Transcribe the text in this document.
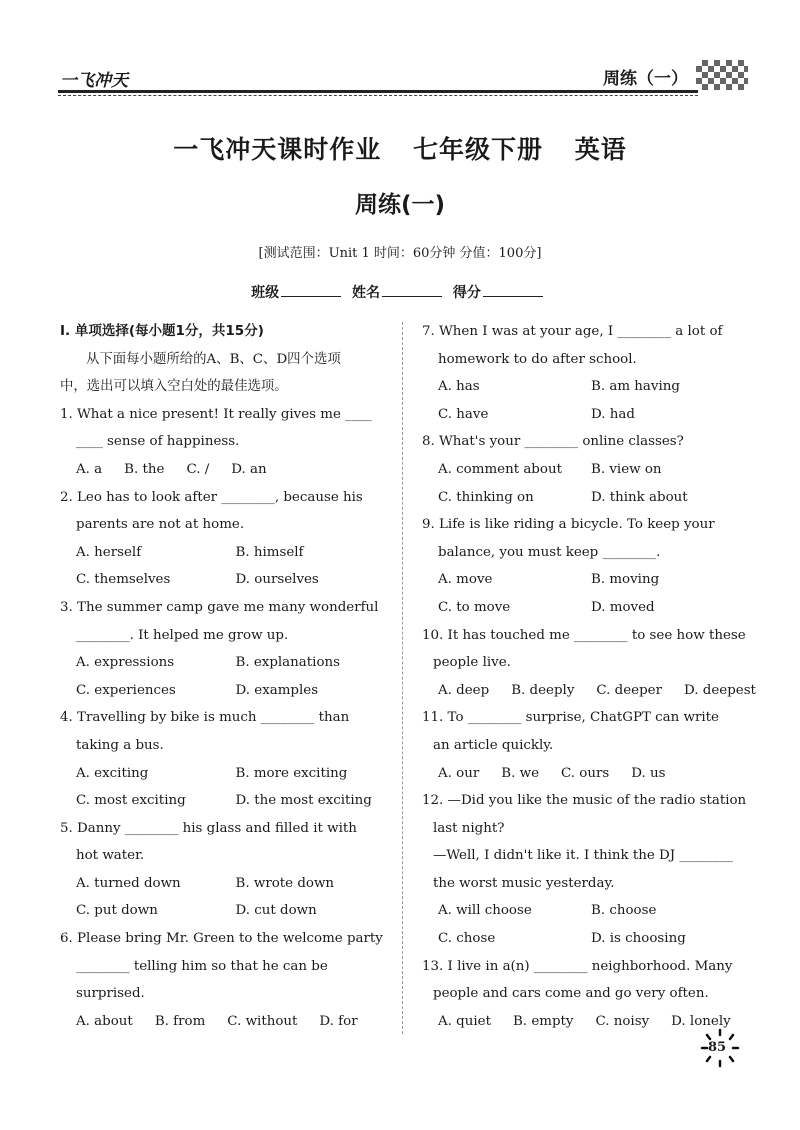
一飞冲天	周练（一）
一飞冲天课时作业 七年级下册 英语
周练(一)
[测试范围：Unit 1 时间：60分钟 分值：100分]
班级	姓名	得分
Ⅰ. 单项选择(每小题1分，共15分)
从下面每小题所给的A、B、C、D四个选项
中，选出可以填入空白处的最佳选项。
1. What a nice present! It really gives me ____
____ sense of happiness.
A. a B. the C. / D. an
2. Leo has to look after ________, because his
parents are not at home.
A. herself	B. himself
C. themselves	D. ourselves
3. The summer camp gave me many wonderful
________. It helped me grow up.
A. expressions	B. explanations
C. experiences	D. examples
4. Travelling by bike is much ________ than
taking a bus.
A. exciting	B. more exciting
C. most exciting	D. the most exciting
5. Danny ________ his glass and filled it with
hot water.
A. turned down	B. wrote down
C. put down	D. cut down
6. Please bring Mr. Green to the welcome party
________ telling him so that he can be
surprised.
A. about B. from C. without D. for
7. When I was at your age, I ________ a lot of
homework to do after school.
A. has	B. am having
C. have	D. had
8. What's your ________ online classes?
A. comment about	B. view on
C. thinking on	D. think about
9. Life is like riding a bicycle. To keep your
balance, you must keep ________.
A. move	B. moving
C. to move	D. moved
10. It has touched me ________ to see how these
people live.
A. deep B. deeply C. deeper D. deepest
11. To ________ surprise, ChatGPT can write
an article quickly.
A. our B. we C. ours D. us
12. —Did you like the music of the radio station
last night?
—Well, I didn't like it. I think the DJ ________
the worst music yesterday.
A. will choose	B. choose
C. chose	D. is choosing
13. I live in a(n) ________ neighborhood. Many
people and cars come and go very often.
A. quiet B. empty C. noisy D. lonely
85
